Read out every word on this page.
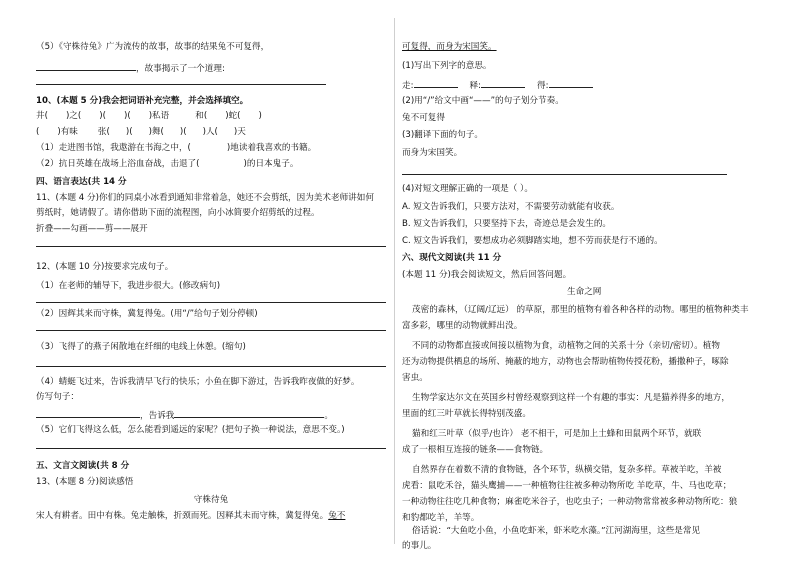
（5）《守株待兔》广为流传的故事，故事的结果兔不可复得，
，故事揭示了一个道理:
10、(本题 5 分)我会把词语补充完整，并会选择填空。
井( )之( )( )( )私语	和( )蛇( )
( )有味 张( )( )舞( )( )人( )天
（1）走进图书馆，我遨游在书海之中，(	)地读着我喜欢的书籍。
（2）抗日英雄在战场上浴血奋战，击退了(	)的日本鬼子。
四、语言表达(共 14 分
11、(本题 4 分)你们的同桌小冰看到通知非常着急，她还不会剪纸，因为美术老师讲如何
剪纸时，她请假了。请你借助下面的流程图，向小冰简要介绍剪纸的过程。
折叠——勾画——剪——展开
12、(本题 10 分)按要求完成句子。
（1）在老师的辅导下，我进步很大。(修改病句)
（2）因辉其来而守株，冀复得兔。(用“/”给句子划分停顿)
（3）飞得了的燕子闲散地在纤细的电线上休憩。(缩句)
（4）蜻蜓飞过来，告诉我清早飞行的快乐；小鱼在脚下游过，告诉我昨夜做的好梦。
仿写句子：
，告诉我	。
（5）它们飞得这么低，怎么能看到遥远的家呢？(把句子换一种说法，意思不变。)
五、文言文阅读(共 8 分
13、(本题 8 分)阅读感悟
守株待兔
宋人有耕者。田中有株。兔走触株，折颈而死。因释其未而守株，冀复得兔。兔不
可复得，而身为宋国笑。
(1)写出下列字的意思。
走:	释:	得:
(2)用“/”给文中画“——”的句子划分节奏。
兔不可复得
(3)翻译下面的句子。
而身为宋国笑。
(4)对短文理解正确的一项是（ ）。
A. 短文告诉我们，只要方法对，不需要劳动就能有收获。
B. 短文告诉我们，只要坚持下去，奇迹总是会发生的。
C. 短文告诉我们，要想成功必须脚踏实地，想不劳而获是行不通的。
六、现代文阅读(共 11 分
(本题 11 分)我会阅读短文，然后回答问题。
生命之网
茂密的森林，（辽阔/辽远） 的草原，那里的植物有着各种各样的动物。哪里的植物种类丰
富多彩，哪里的动物就鲜出没。
不同的动物都直接或间接以植物为食，动植物之间的关系十分（亲切/密切）。植物
还为动物提供栖息的场所、掩蔽的地方，动物也会帮助植物传授花粉，播撒种子，啄除
害虫。
生物学家达尔文在英国乡村曾经观察到这样一个有趣的事实：凡是猫养得多的地方，
里面的红三叶草就长得特别茂盛。
猫和红三叶草（似乎/也许） 老不相干，可是加上土蜂和田鼠两个环节，就联
成了一根相互连接的链条——食物链。
自然界存在着数不清的食物链，各个环节，纵横交错，复杂多样。草被羊吃，羊被
虎看：鼠吃禾谷，猫头鹰捕——一种植物往往被多种动物所吃 羊吃草，牛、马也吃草；
一种动物往往吃几种食物；麻雀吃米谷子，也吃虫子；一种动物常常被多种动物所吃：狼
和豹都吃羊，羊等。
俗话说：“大鱼吃小鱼，小鱼吃虾米，虾米吃水藻。”江河湖海里，这些是常见
的事儿。
